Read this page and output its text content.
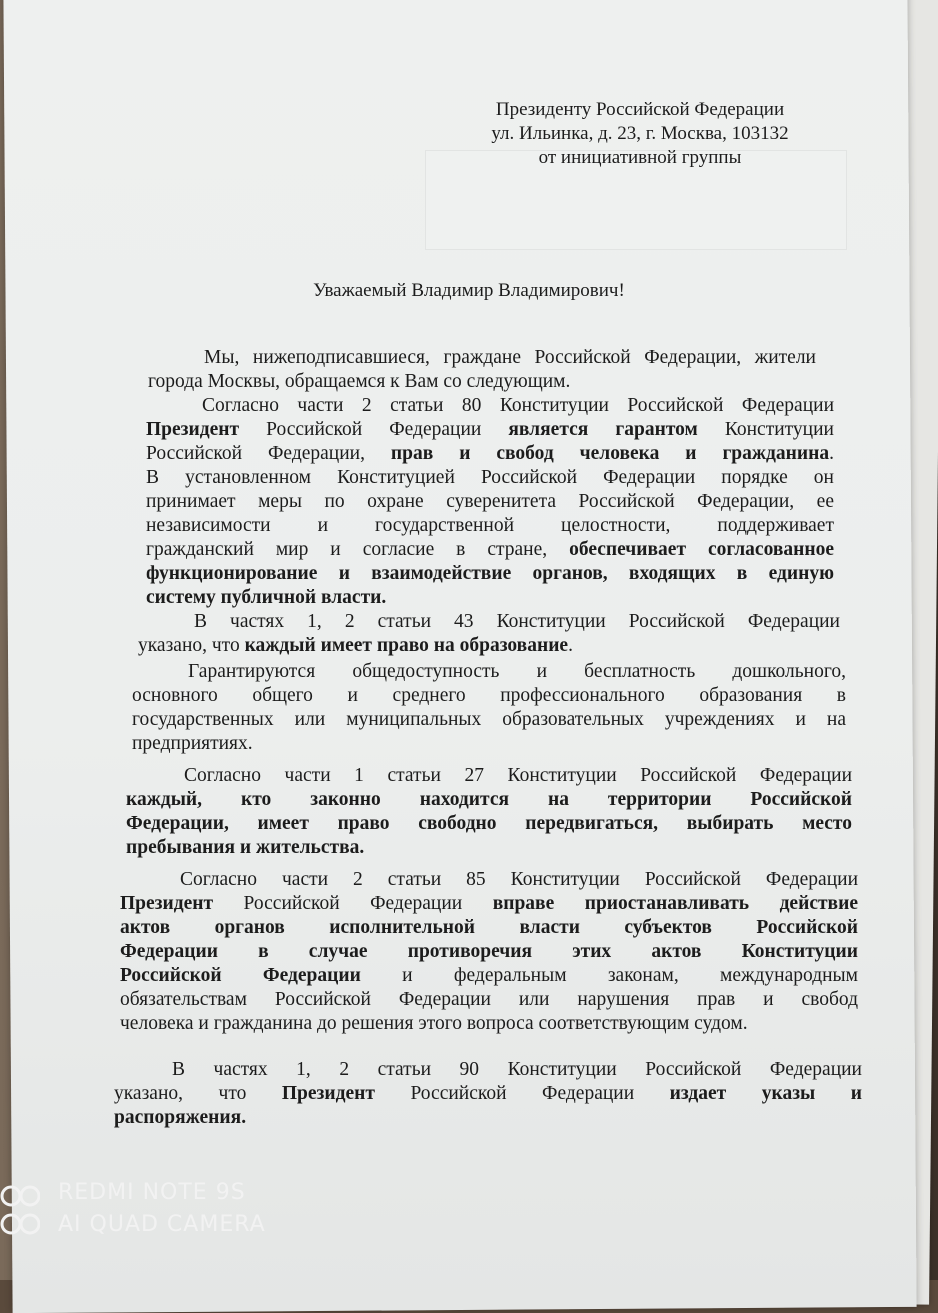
Президенту Российской Федерации
ул. Ильинка, д. 23, г. Москва, 103132
от инициативной группы
Уважаемый Владимир Владимирович!
Мы, нижеподписавшиеся, граждане Российской Федерации, жители
города Москвы, обращаемся к Вам со следующим.
Согласно части 2 статьи 80 Конституции Российской Федерации
Президент Российской Федерации является гарантом Конституции
Российской Федерации, прав и свобод человека и гражданина.
В установленном Конституцией Российской Федерации порядке он
принимает меры по охране суверенитета Российской Федерации, ее
независимости и государственной целостности, поддерживает
гражданский мир и согласие в стране, обеспечивает согласованное
функционирование и взаимодействие органов, входящих в единую
систему публичной власти.
В частях 1, 2 статьи 43 Конституции Российской Федерации
указано, что каждый имеет право на образование.
Гарантируются общедоступность и бесплатность дошкольного,
основного общего и среднего профессионального образования в
государственных или муниципальных образовательных учреждениях и на
предприятиях.
Согласно части 1 статьи 27 Конституции Российской Федерации
каждый, кто законно находится на территории Российской
Федерации, имеет право свободно передвигаться, выбирать место
пребывания и жительства.
Согласно части 2 статьи 85 Конституции Российской Федерации
Президент Российской Федерации вправе приостанавливать действие
актов органов исполнительной власти субъектов Российской
Федерации в случае противоречия этих актов Конституции
Российской Федерации и федеральным законам, международным
обязательствам Российской Федерации или нарушения прав и свобод
человека и гражданина до решения этого вопроса соответствующим судом.
В частях 1, 2 статьи 90 Конституции Российской Федерации
указано, что Президент Российской Федерации издает указы и
распоряжения.
REDMI NOTE 9S
AI QUAD CAMERA
